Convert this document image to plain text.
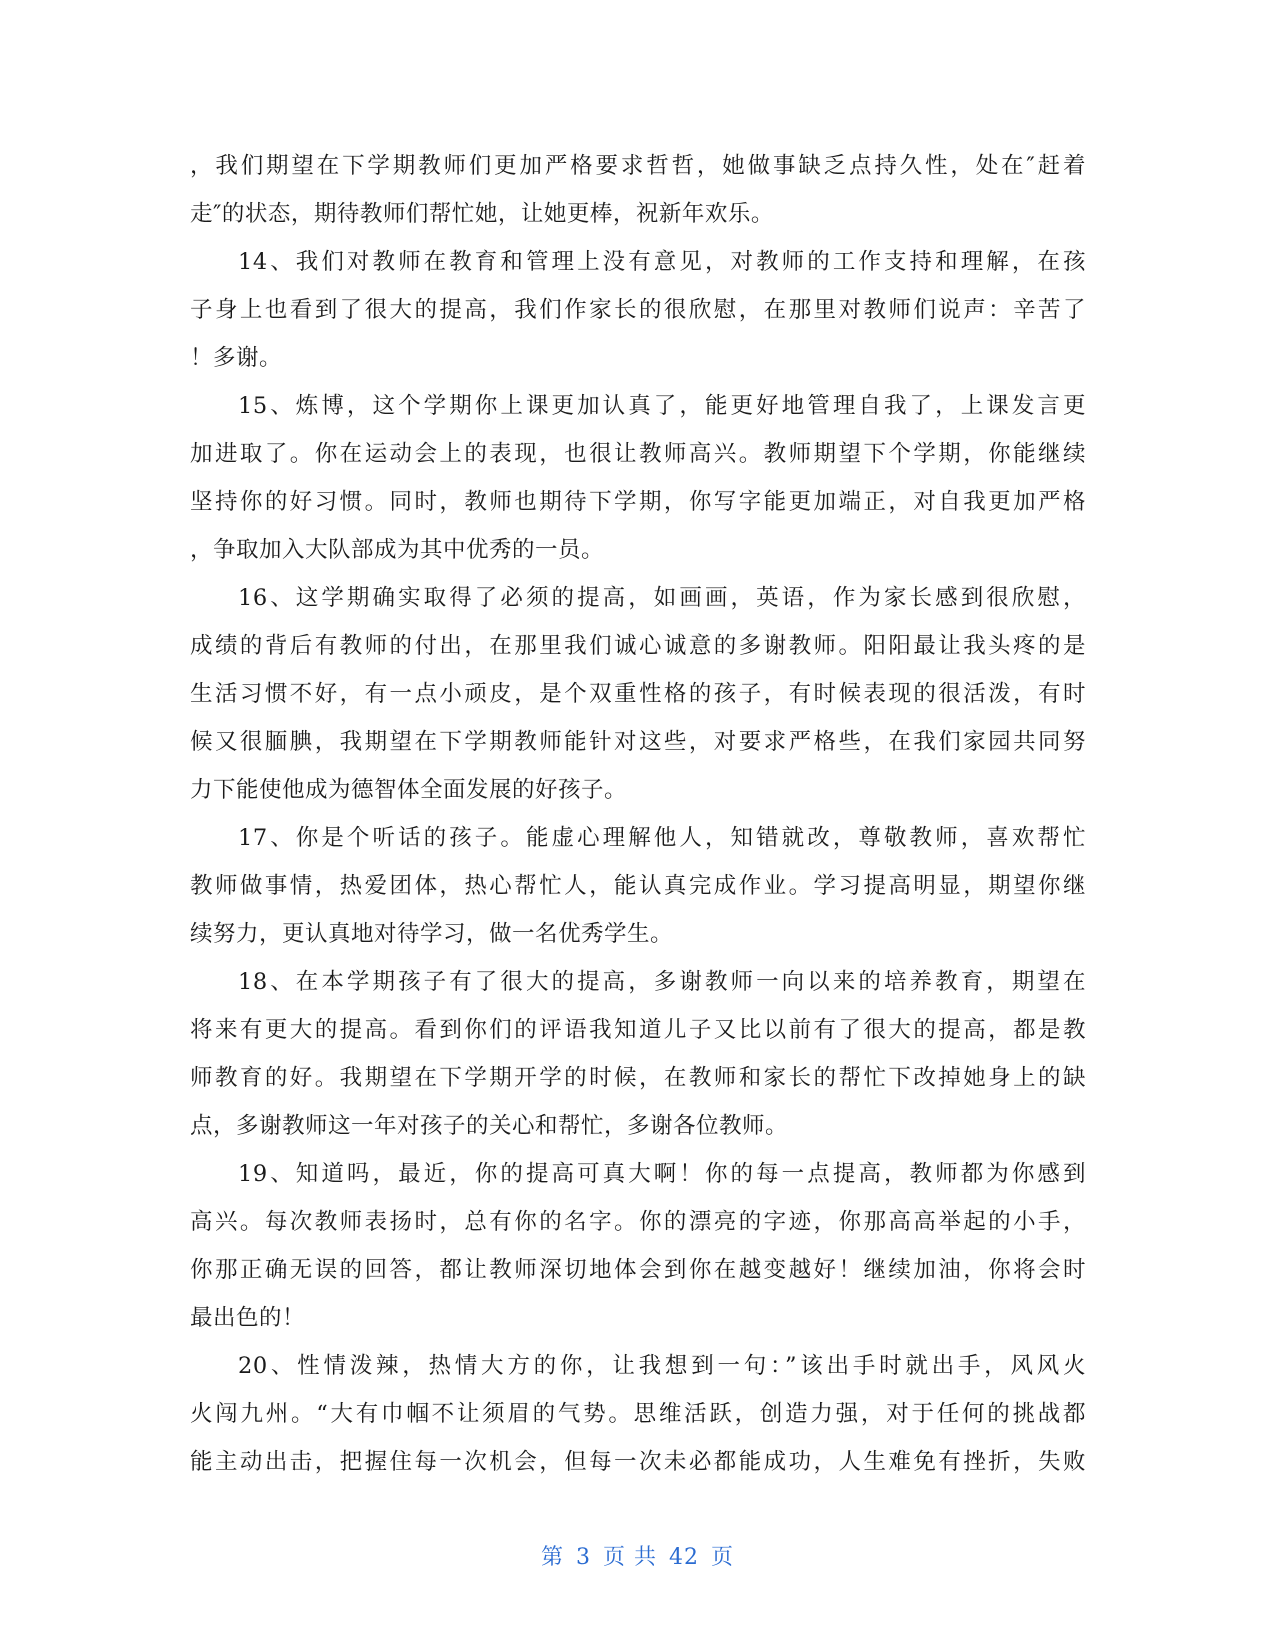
，我们期望在下学期教师们更加严格要求哲哲，她做事缺乏点持久性，处在″赶着
走″的状态，期待教师们帮忙她，让她更棒，祝新年欢乐。
14、我们对教师在教育和管理上没有意见，对教师的工作支持和理解，在孩
子身上也看到了很大的提高，我们作家长的很欣慰，在那里对教师们说声：辛苦了
！多谢。
15、炼博，这个学期你上课更加认真了，能更好地管理自我了，上课发言更
加进取了。你在运动会上的表现，也很让教师高兴。教师期望下个学期，你能继续
坚持你的好习惯。同时，教师也期待下学期，你写字能更加端正，对自我更加严格
，争取加入大队部成为其中优秀的一员。
16、这学期确实取得了必须的提高，如画画，英语，作为家长感到很欣慰，
成绩的背后有教师的付出，在那里我们诚心诚意的多谢教师。阳阳最让我头疼的是
生活习惯不好，有一点小顽皮，是个双重性格的孩子，有时候表现的很活泼，有时
候又很腼腆，我期望在下学期教师能针对这些，对要求严格些，在我们家园共同努
力下能使他成为德智体全面发展的好孩子。
17、你是个听话的孩子。能虚心理解他人，知错就改，尊敬教师，喜欢帮忙
教师做事情，热爱团体，热心帮忙人，能认真完成作业。学习提高明显，期望你继
续努力，更认真地对待学习，做一名优秀学生。
18、在本学期孩子有了很大的提高，多谢教师一向以来的培养教育，期望在
将来有更大的提高。看到你们的评语我知道儿子又比以前有了很大的提高，都是教
师教育的好。我期望在下学期开学的时候，在教师和家长的帮忙下改掉她身上的缺
点，多谢教师这一年对孩子的关心和帮忙，多谢各位教师。
19、知道吗，最近，你的提高可真大啊！你的每一点提高，教师都为你感到
高兴。每次教师表扬时，总有你的名字。你的漂亮的字迹，你那高高举起的小手，
你那正确无误的回答，都让教师深切地体会到你在越变越好！继续加油，你将会时
最出色的！
20、性情泼辣，热情大方的你，让我想到一句：”该出手时就出手，风风火
火闯九州。“大有巾帼不让须眉的气势。思维活跃，创造力强，对于任何的挑战都
能主动出击，把握住每一次机会，但每一次未必都能成功，人生难免有挫折，失败
第 3 页 共 42 页
